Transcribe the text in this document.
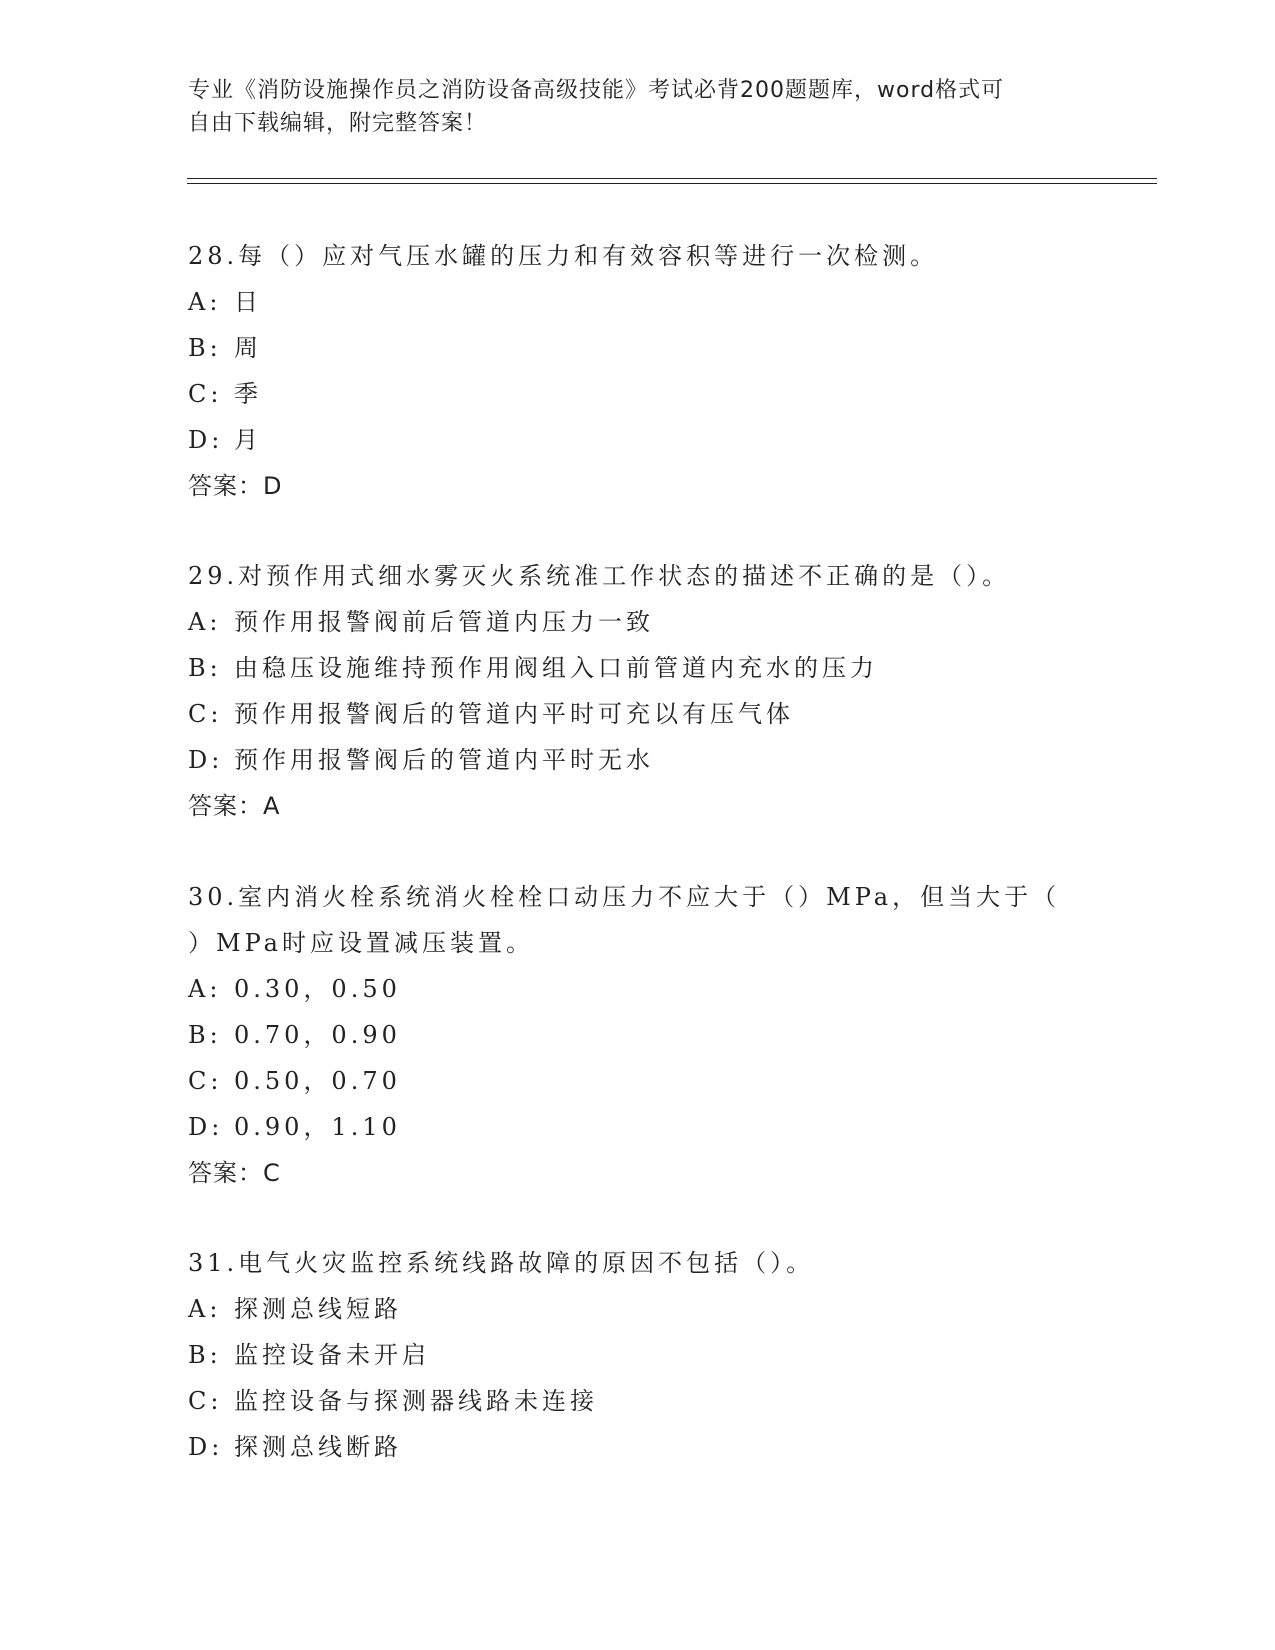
专业《消防设施操作员之消防设备高级技能》考试必背200题题库，word格式可
自由下载编辑，附完整答案！
28.每（）应对气压水罐的压力和有效容积等进行一次检测。
A: 日
B: 周
C: 季
D: 月
答案：D
29.对预作用式细水雾灭火系统准工作状态的描述不正确的是（）。
A: 预作用报警阀前后管道内压力一致
B: 由稳压设施维持预作用阀组入口前管道内充水的压力
C: 预作用报警阀后的管道内平时可充以有压气体
D: 预作用报警阀后的管道内平时无水
答案：A
30.室内消火栓系统消火栓栓口动压力不应大于（）MPa，但当大于（
）MPa时应设置减压装置。
A: 0.30，0.50
B: 0.70，0.90
C: 0.50，0.70
D: 0.90，1.10
答案：C
31.电气火灾监控系统线路故障的原因不包括（）。
A: 探测总线短路
B: 监控设备未开启
C: 监控设备与探测器线路未连接
D: 探测总线断路
